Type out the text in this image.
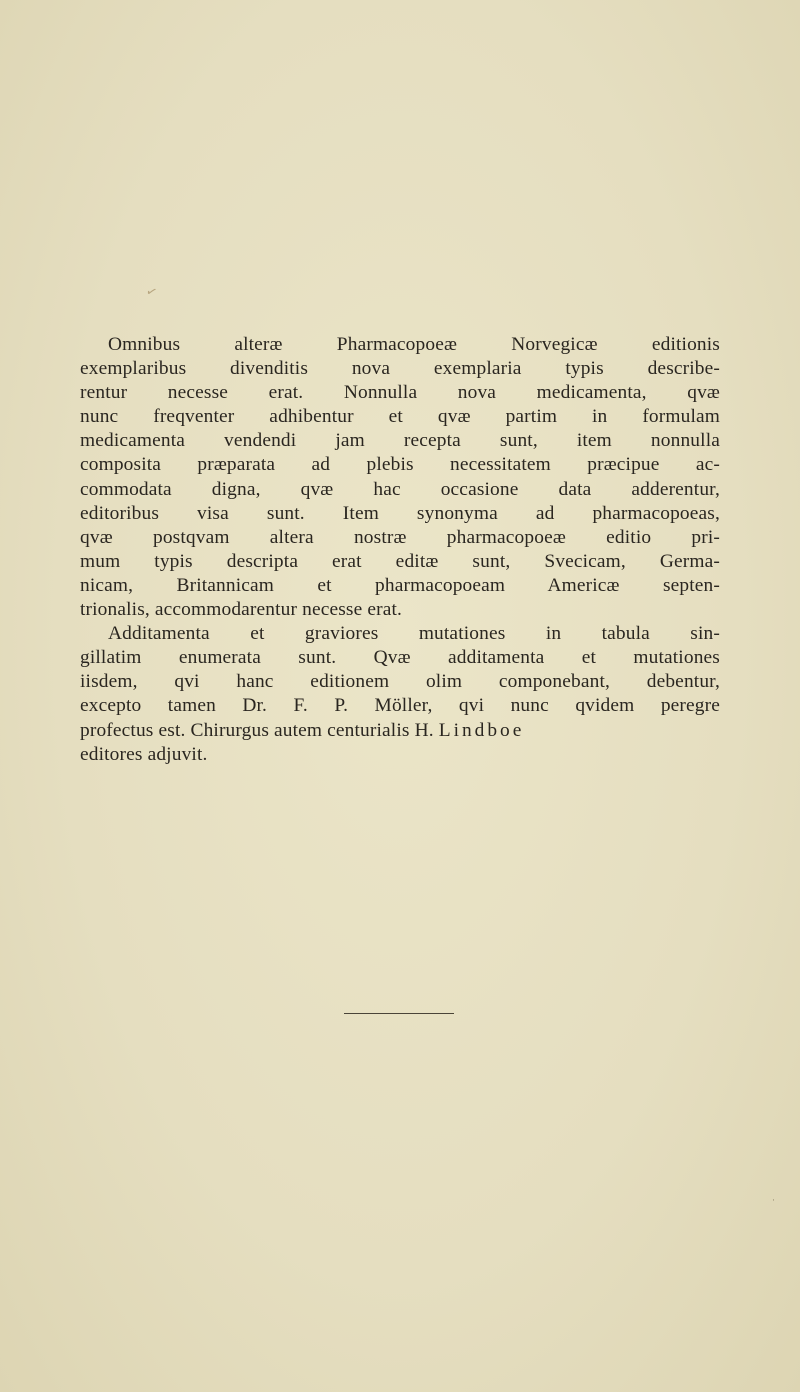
✓
Omnibus alteræ Pharmacopoeæ Norvegicæ editionis
exemplaribus divenditis nova exemplaria typis describe-
rentur necesse erat. Nonnulla nova medicamenta, qvæ
nunc freqventer adhibentur et qvæ partim in formulam
medicamenta vendendi jam recepta sunt, item nonnulla
composita præparata ad plebis necessitatem præcipue ac-
commodata digna, qvæ hac occasione data adderentur,
editoribus visa sunt. Item synonyma ad pharmacopoeas,
qvæ postqvam altera nostræ pharmacopoeæ editio pri-
mum typis descripta erat editæ sunt, Svecicam, Germa-
nicam, Britannicam et pharmacopoeam Americæ septen-
trionalis, accommodarentur necesse erat.
Additamenta et graviores mutationes in tabula sin-
gillatim enumerata sunt. Qvæ additamenta et mutationes
iisdem, qvi hanc editionem olim componebant, debentur,
excepto tamen Dr. F. P. Möller, qvi nunc qvidem peregre
profectus est. Chirurgus autem centurialis H. Lindboe
editores adjuvit.
·
